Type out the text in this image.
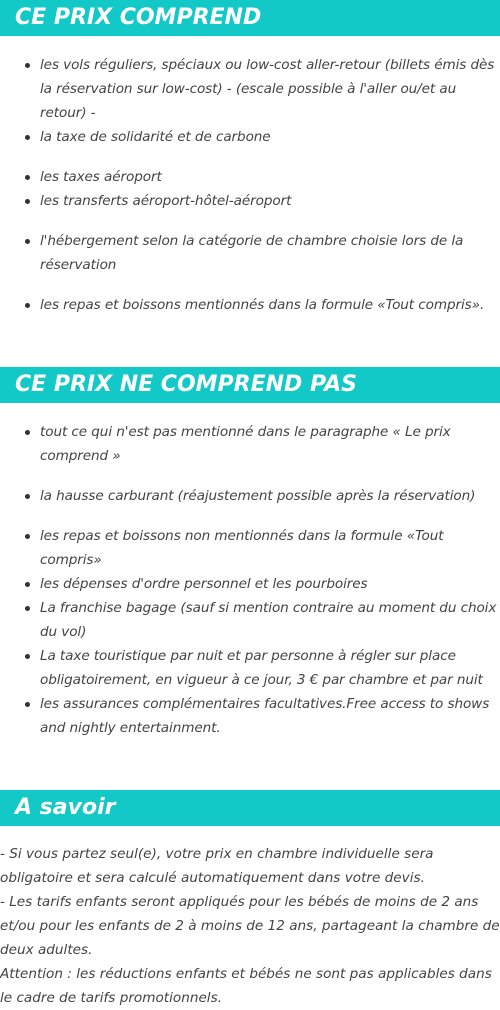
CE PRIX COMPREND
les vols réguliers, spéciaux ou low-cost aller-retour (billets émis dès la réservation sur low-cost) - (escale possible à l'aller ou/et au retour) -
la taxe de solidarité et de carbone
les taxes aéroport
les transferts aéroport-hôtel-aéroport
l'hébergement selon la catégorie de chambre choisie lors de la réservation
les repas et boissons mentionnés dans la formule «Tout compris».
CE PRIX NE COMPREND PAS
tout ce qui n'est pas mentionné dans le paragraphe « Le prix comprend »
la hausse carburant (réajustement possible après la réservation)
les repas et boissons non mentionnés dans la formule «Tout compris»
les dépenses d'ordre personnel et les pourboires
La franchise bagage (sauf si mention contraire au moment du choix du vol)
La taxe touristique par nuit et par personne à régler sur place obligatoirement, en vigueur à ce jour, 3 € par chambre et par nuit
les assurances complémentaires facultatives.Free access to shows and nightly entertainment.
A savoir

- Si vous partez seul(e), votre prix en chambre individuelle sera obligatoire et sera calculé automatiquement dans votre devis.

- Les tarifs enfants seront appliqués pour les bébés de moins de 2 ans et/ou pour les enfants de 2 à moins de 12 ans, partageant la chambre de deux adultes.

Attention : les réductions enfants et bébés ne sont pas applicables dans le cadre de tarifs promotionnels.
